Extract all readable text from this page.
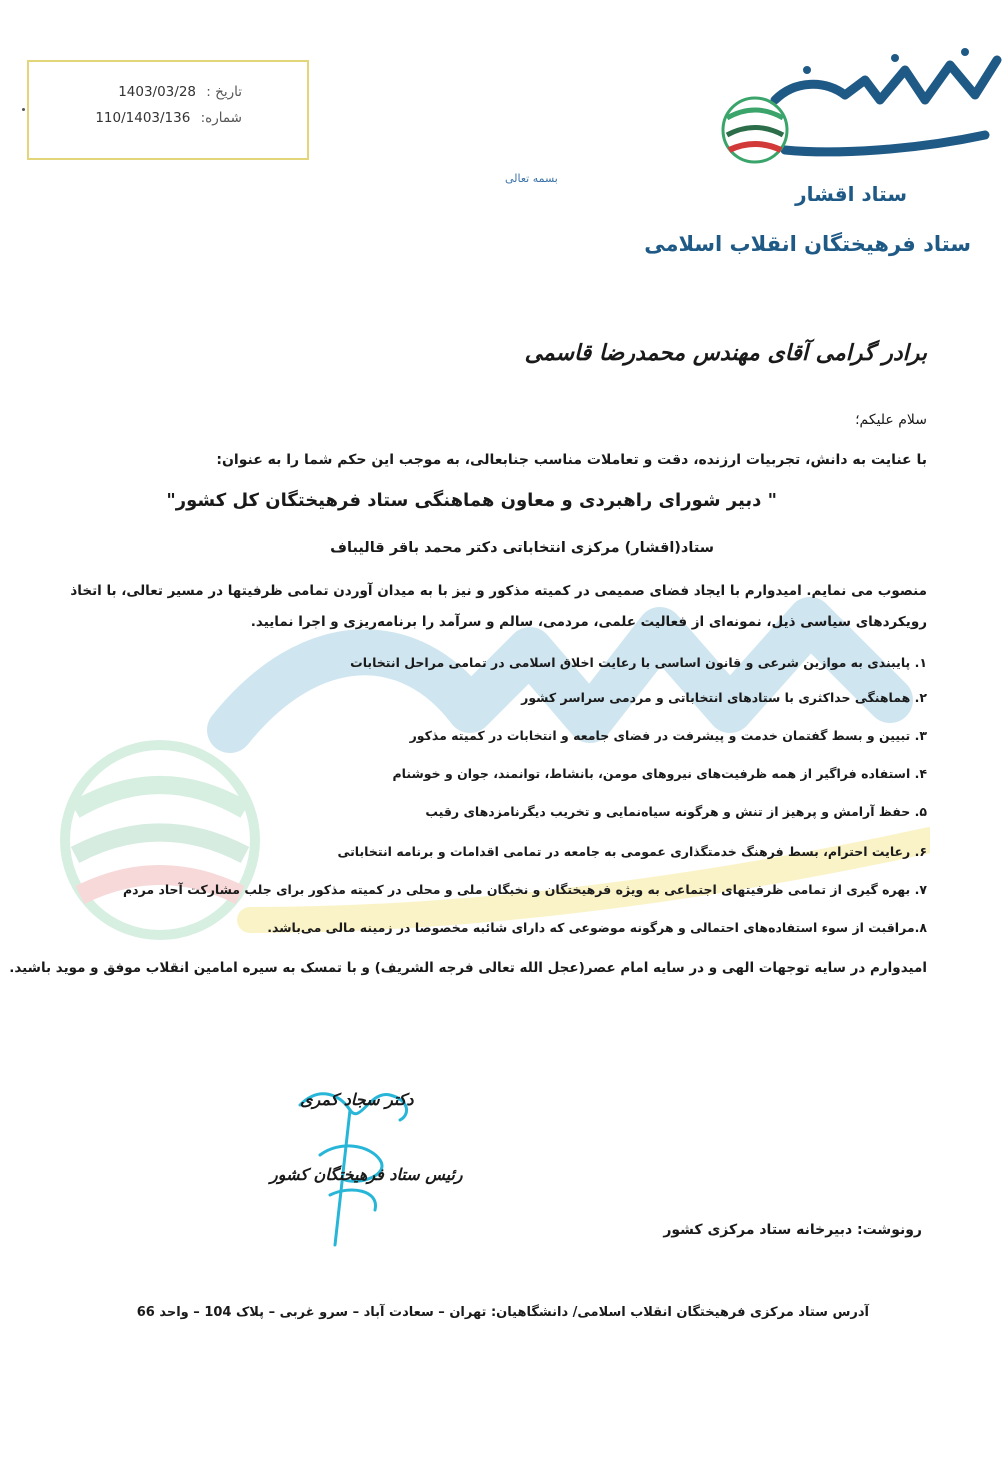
تاریخ : 1403/03/28
شماره: 110/1403/136
ستاد اقشار
ستاد فرهیختگان انقلاب اسلامی
بسمه تعالی
برادر گرامی آقای مهندس محمدرضا قاسمی
سلام علیکم؛
با عنایت به دانش، تجربیات ارزنده، دقت و تعاملات مناسب جنابعالی، به موجب این حکم شما را به عنوان:
" دبیر شورای راهبردی و معاون هماهنگی ستاد فرهیختگان کل کشور"
ستاد(اقشار) مرکزی انتخاباتی دکتر محمد باقر قالیباف
منصوب می نمایم. امیدوارم با ایجاد فضای صمیمی در کمیته مذکور و نیز با به میدان آوردن تمامی ظرفیتها در مسیر تعالی، با اتخاذ
رویکردهای سیاسی ذیل، نمونه‌ای از فعالیت علمی، مردمی، سالم و سرآمد را برنامه‌ریزی و اجرا نمایید.
۱. پایبندی به موازین شرعی و قانون اساسی با رعایت اخلاق اسلامی در تمامی مراحل انتخابات
۲. هماهنگی حداکثری با ستادهای انتخاباتی و مردمی سراسر کشور
۳. تبیین و بسط گفتمان خدمت و پیشرفت در فضای جامعه و انتخابات در کمیته مذکور
۴. استفاده فراگیر از همه ظرفیت‌های نیروهای مومن، بانشاط، توانمند، جوان و خوشنام
۵. حفظ آرامش و پرهیز از تنش و هرگونه سیاه‌نمایی و تخریب دیگرنامزدهای رقیب
۶. رعایت احترام، بسط فرهنگ خدمتگذاری عمومی به جامعه در تمامی اقدامات و برنامه انتخاباتی
۷. بهره گیری از تمامی ظرفیتهای اجتماعی به ویژه فرهیختگان و نخبگان ملی و محلی در کمیته مذکور برای جلب مشارکت آحاد مردم
۸.مراقبت از سوء استفاده‌های احتمالی و هرگونه موضوعی که دارای شائبه مخصوصا در زمینه مالی می‌باشد.
امیدوارم در سایه توجهات الهی و در سایه امام عصر(عجل الله تعالی فرجه الشریف) و با تمسک به سیره امامین انقلاب موفق و موید باشید.
دکتر سجاد کمری
رئیس ستاد فرهیختگان کشور
رونوشت: دبیرخانه ستاد مرکزی کشور
آدرس ستاد مرکزی فرهیختگان انقلاب اسلامی/ دانشگاهیان: تهران – سعادت آباد – سرو غربی – پلاک 104 – واحد 66
